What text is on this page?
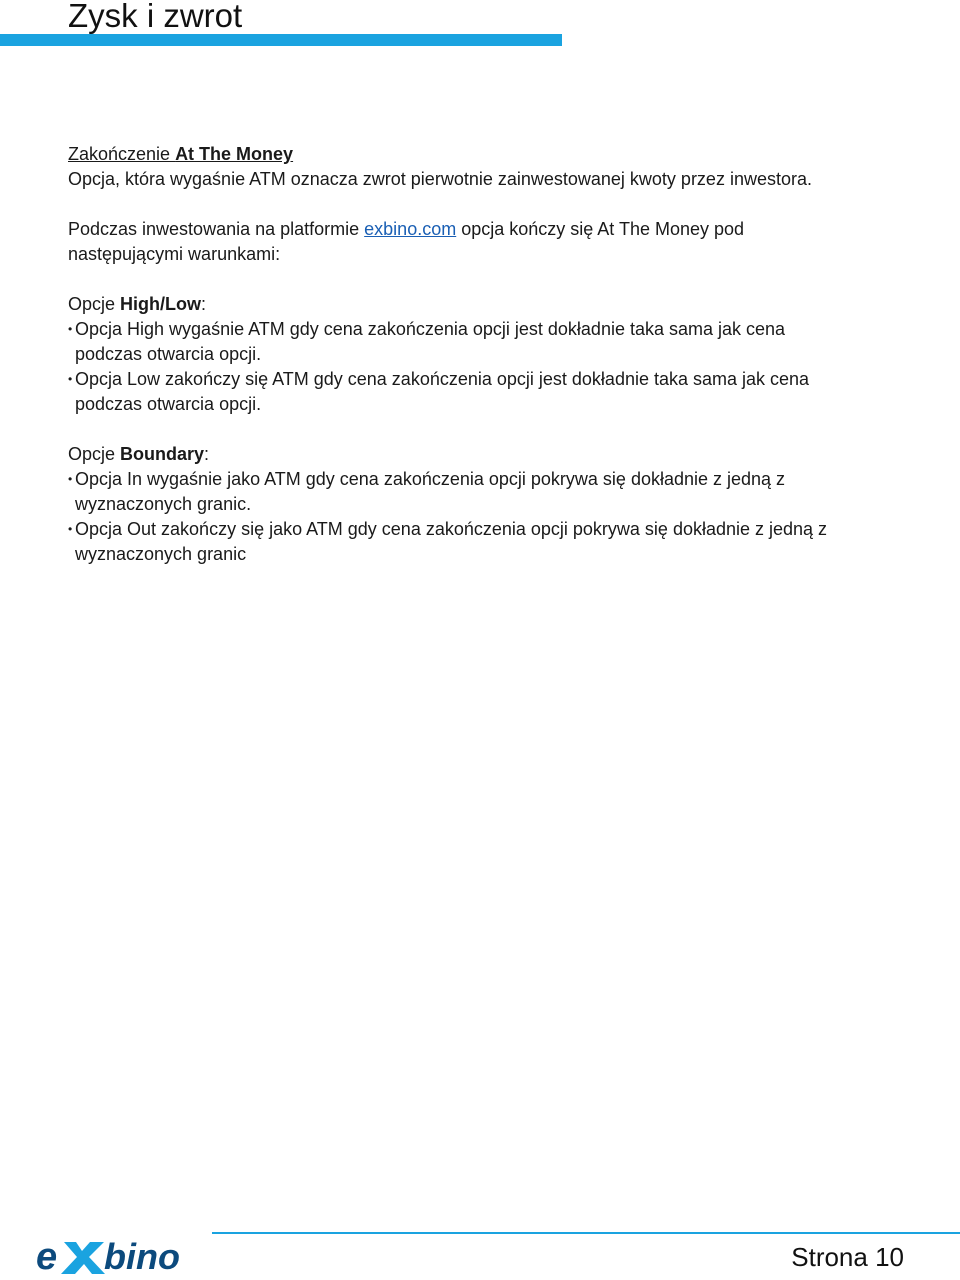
Zysk i zwrot

Zakończenie At The Money

Opcja, która wygaśnie ATM oznacza zwrot pierwotnie zainwestowanej kwoty przez inwestora.

Podczas inwestowania na platformie exbino.com opcja kończy się At The Money pod następującymi warunkami:

Opcje High/Low:

• Opcja High wygaśnie ATM gdy cena zakończenia opcji jest dokładnie taka sama jak cena podczas otwarcia opcji.
• Opcja Low zakończy się ATM gdy cena zakończenia opcji jest dokładnie taka sama jak cena podczas otwarcia opcji.

Opcje Boundary:

• Opcja In wygaśnie jako ATM gdy cena zakończenia opcji pokrywa się dokładnie z jedną z wyznaczonych granic.
• Opcja Out zakończy się jako ATM gdy cena zakończenia opcji pokrywa się dokładnie z jedną z wyznaczonych granic
e bino	Strona 10
